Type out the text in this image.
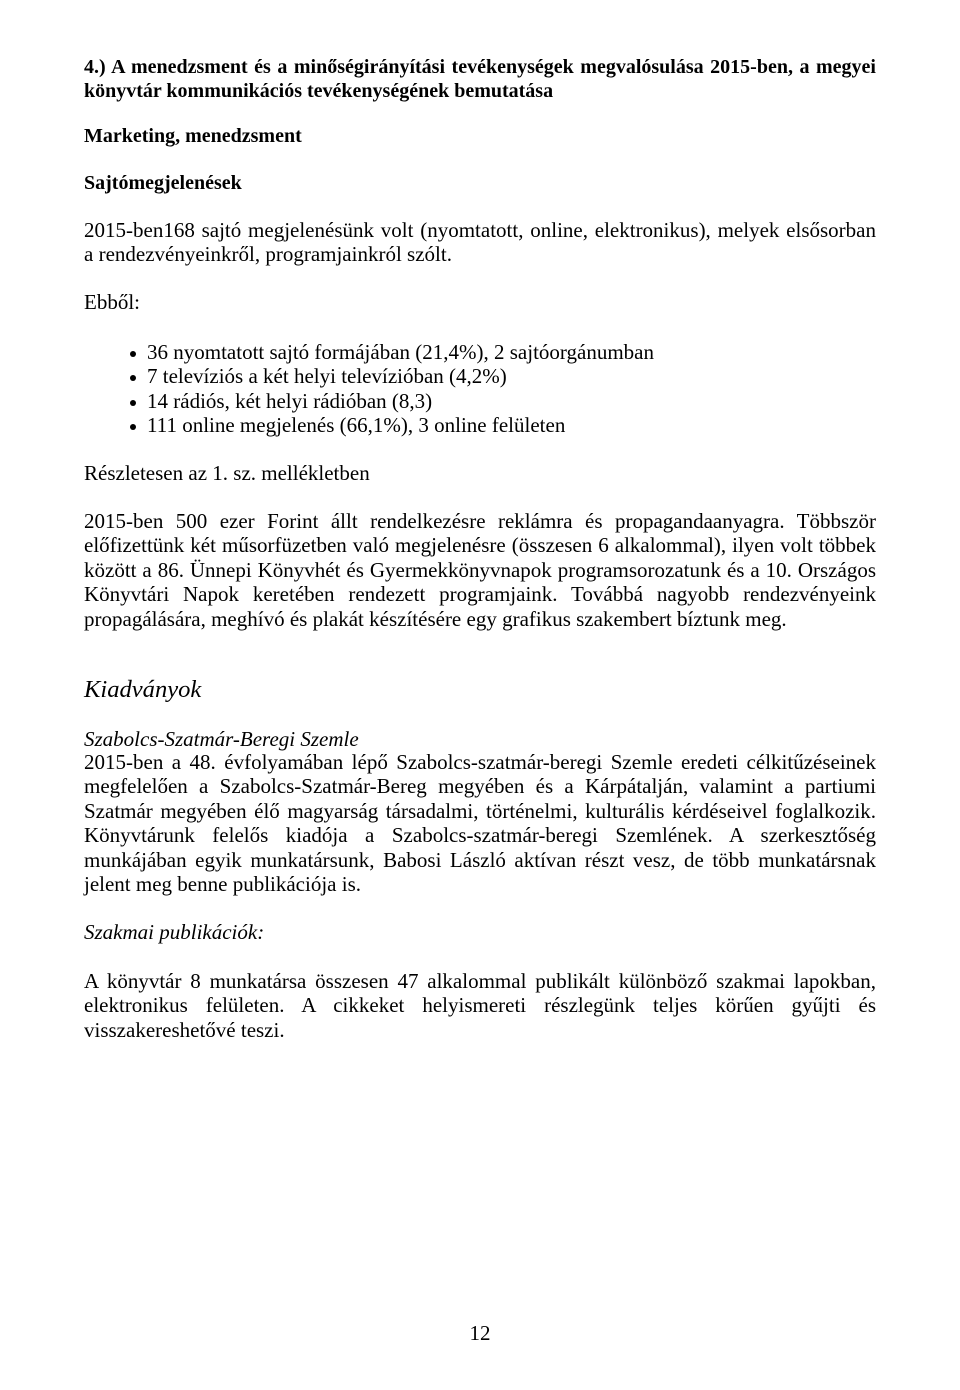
4.) A menedzsment és a minőségirányítási tevékenységek megvalósulása 2015-ben, a megyei könyvtár kommunikációs tevékenységének bemutatása
Marketing, menedzsment
Sajtómegjelenések

2015-ben168 sajtó megjelenésünk volt (nyomtatott, online, elektronikus), melyek elsősorban a rendezvényeinkről, programjainkról szólt.

Ebből:

36 nyomtatott sajtó formájában (21,4%), 2 sajtóorgánumban
7 televíziós a két helyi televízióban (4,2%)
14 rádiós, két helyi rádióban (8,3)
111 online megjelenés (66,1%), 3 online felületen

Részletesen az 1. sz. mellékletben

2015-ben 500 ezer Forint állt rendelkezésre reklámra és propagandaanyagra. Többször előfizettünk két műsorfüzetben való megjelenésre (összesen 6 alkalommal), ilyen volt többek között a 86. Ünnepi Könyvhét és Gyermekkönyvnapok programsorozatunk és a 10. Országos Könyvtári Napok keretében rendezett programjaink. Továbbá nagyobb rendezvényeink propagálására, meghívó és plakát készítésére egy grafikus szakembert bíztunk meg.

Kiadványok
Szabolcs-Szatmár-Beregi Szemle

2015-ben a 48. évfolyamában lépő Szabolcs-szatmár-beregi Szemle eredeti célkitűzéseinek megfelelően a Szabolcs-Szatmár-Bereg megyében és a Kárpátalján, valamint a partiumi Szatmár megyében élő magyarság társadalmi, történelmi, kulturális kérdéseivel foglalkozik. Könyvtárunk felelős kiadója a Szabolcs-szatmár-beregi Szemlének. A szerkesztőség munkájában egyik munkatársunk, Babosi László aktívan részt vesz, de több munkatársnak jelent meg benne publikációja is.

Szakmai publikációk:

A könyvtár 8 munkatársa összesen 47 alkalommal publikált különböző szakmai lapokban, elektronikus felületen. A cikkeket helyismereti részlegünk teljes körűen gyűjti és visszakereshetővé teszi.

12
